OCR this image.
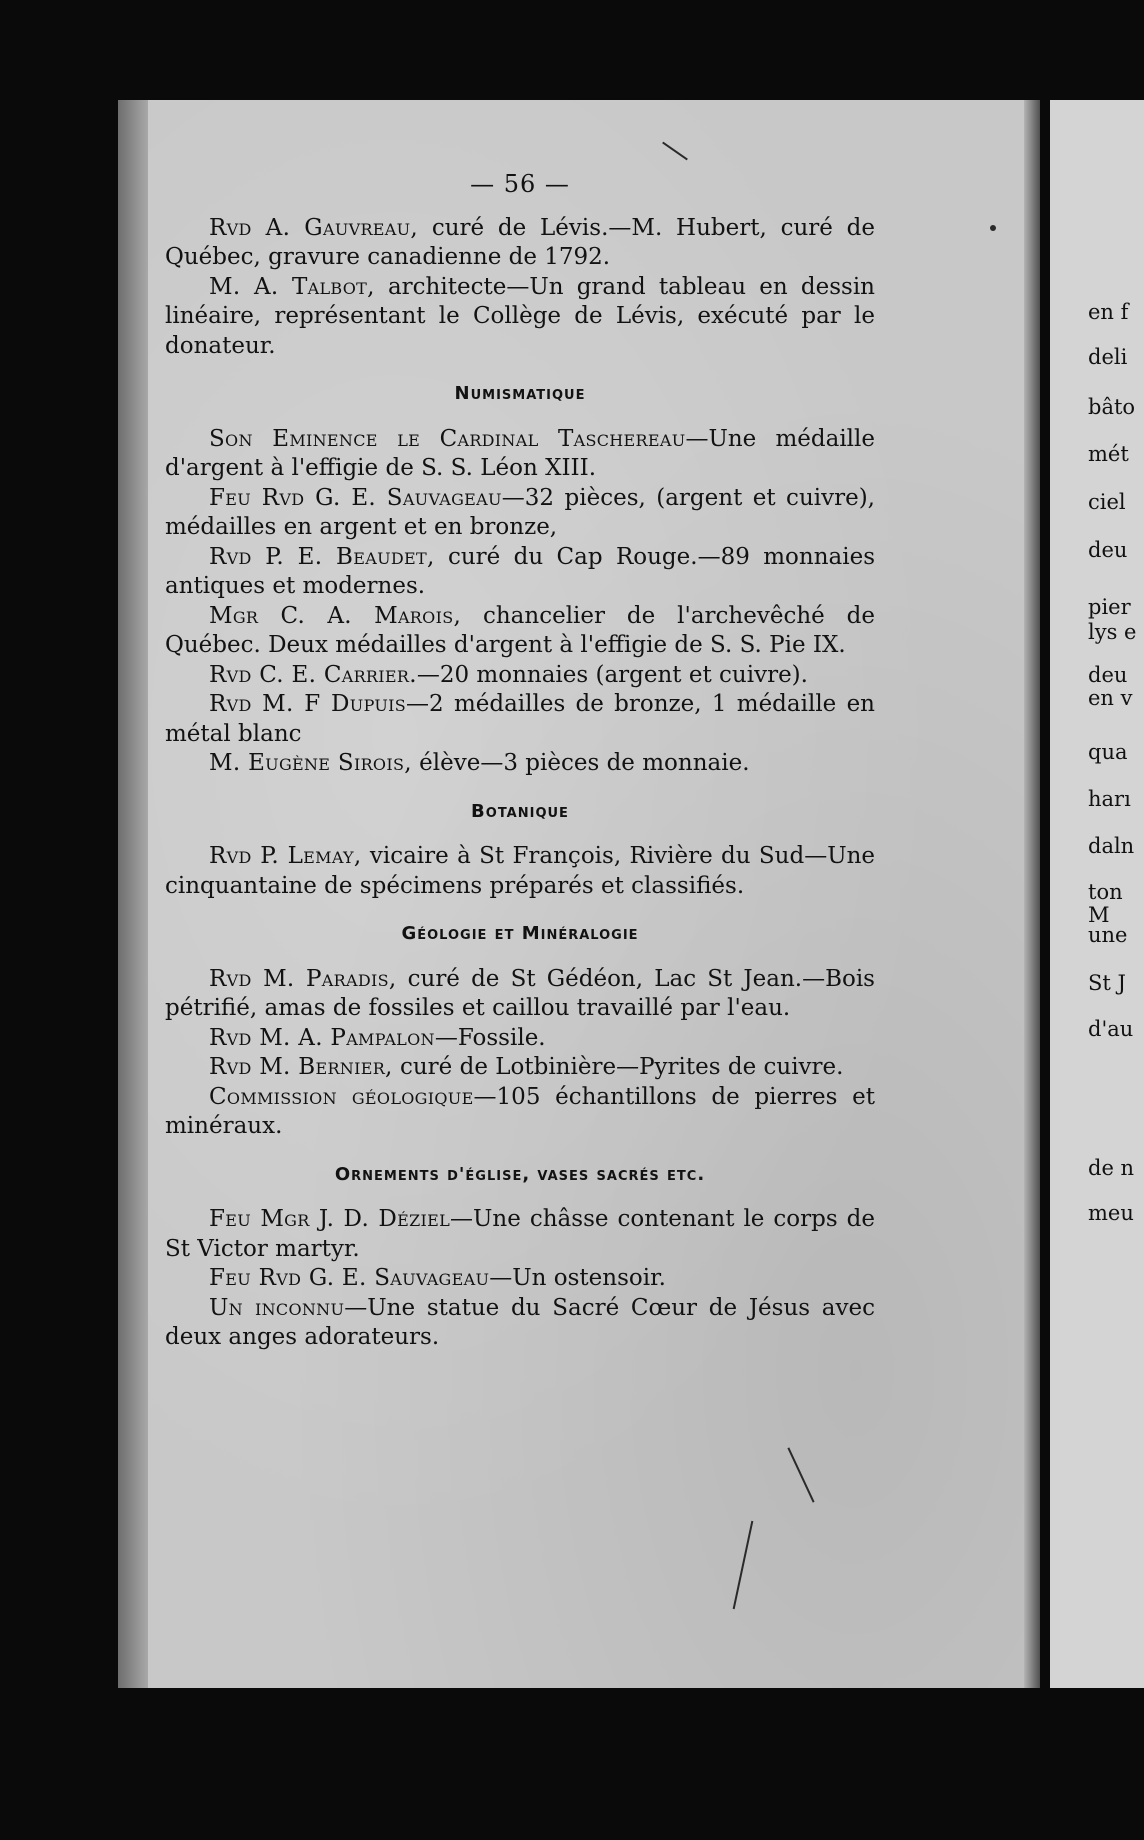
— 56 —

Rvd A. Gauvreau, curé de Lévis.—M. Hubert, curé de Québec, gravure canadienne de 1792.

M. A. Talbot, architecte—Un grand tableau en dessin linéaire, représentant le Collège de Lévis, exécuté par le donateur.

Numismatique

Son Eminence le Cardinal Taschereau—Une médaille d'argent à l'effigie de S. S. Léon XIII.

Feu Rvd G. E. Sauvageau—32 pièces, (argent et cuivre), médailles en argent et en bronze,

Rvd P. E. Beaudet, curé du Cap Rouge.—89 monnaies antiques et modernes.

Mgr C. A. Marois, chancelier de l'archevêché de Québec. Deux médailles d'argent à l'effigie de S. S. Pie IX.

Rvd C. E. Carrier.—20 monnaies (argent et cuivre).

Rvd M. F Dupuis—2 médailles de bronze, 1 médaille en métal blanc

M. Eugène Sirois, élève—3 pièces de monnaie.

Botanique

Rvd P. Lemay, vicaire à St François, Rivière du Sud—Une cinquantaine de spécimens préparés et classifiés.

Géologie et Minéralogie

Rvd M. Paradis, curé de St Gédéon, Lac St Jean.—Bois pétrifié, amas de fossiles et caillou travaillé par l'eau.

Rvd M. A. Pampalon—Fossile.

Rvd M. Bernier, curé de Lotbinière—Pyrites de cuivre.

Commission géologique—105 échantillons de pierres et minéraux.

Ornements d'église, vases sacrés etc.

Feu Mgr J. D. Déziel—Une châsse contenant le corps de St Victor martyr.

Feu Rvd G. E. Sauvageau—Un ostensoir.

Un inconnu—Une statue du Sacré Cœur de Jésus avec deux anges adorateurs.

en f
deli
bâto
mét
ciel
deu
pier
lys e
deu
en v
qua
harı
daln
ton
M
une
St J
d'au
de n
meu
